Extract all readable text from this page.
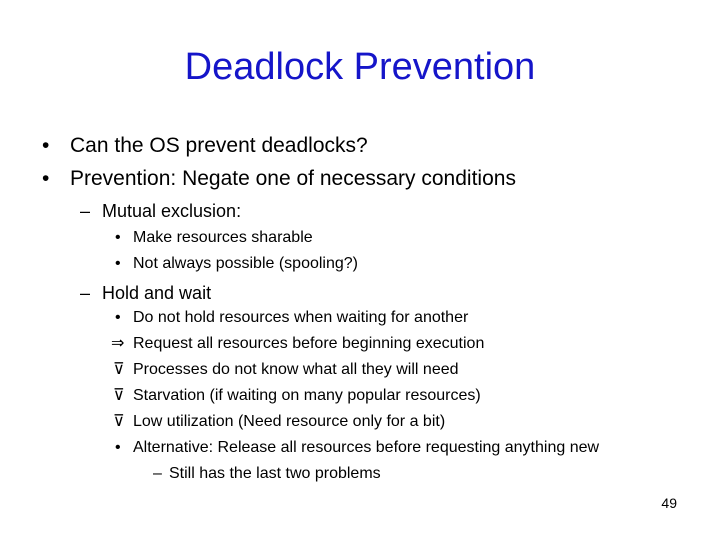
Deadlock Prevention
• Can the OS prevent deadlocks?
• Prevention: Negate one of necessary conditions
– Mutual exclusion:
• Make resources sharable
• Not always possible (spooling?)
– Hold and wait
• Do not hold resources when waiting for another
⇒ Request all resources before beginning execution
⊽ Processes do not know what all they will need
⊽ Starvation (if waiting on many popular resources)
⊽ Low utilization (Need resource only for a bit)
• Alternative: Release all resources before requesting anything new
– Still has the last two problems
49
